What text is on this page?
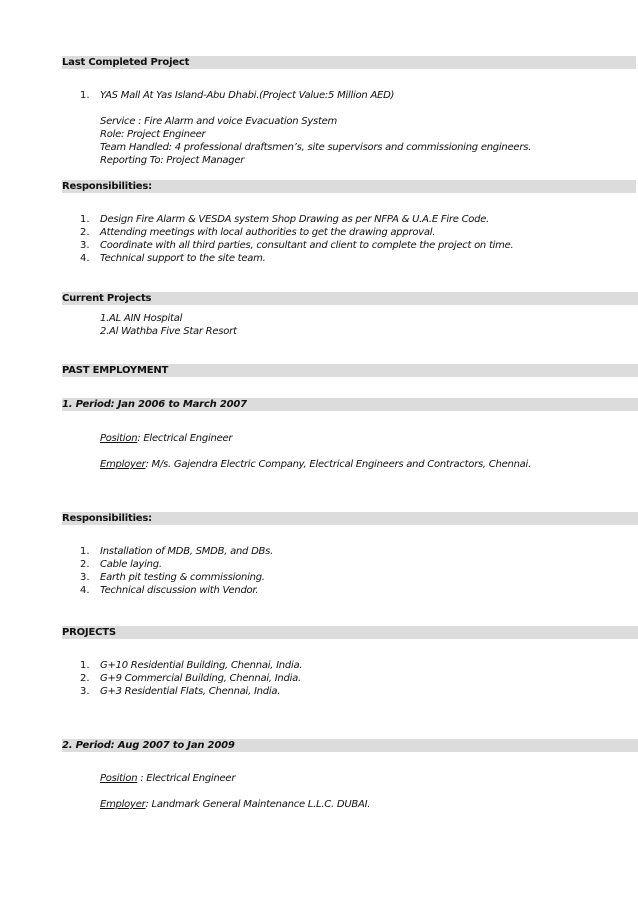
Last Completed Project
1. YAS Mall At Yas Island-Abu Dhabi.(Project Value:5 Million AED)
Service : Fire Alarm and voice Evacuation System
Role: Project Engineer
Team Handled: 4 professional draftsmen’s, site supervisors and commissioning engineers.
Reporting To: Project Manager
Responsibilities:
1. Design Fire Alarm & VESDA system Shop Drawing as per NFPA & U.A.E Fire Code.
2. Attending meetings with local authorities to get the drawing approval.
3. Coordinate with all third parties, consultant and client to complete the project on time.
4. Technical support to the site team.
Current Projects
1.AL AIN Hospital
2.Al Wathba Five Star Resort
PAST EMPLOYMENT
1. Period: Jan 2006 to March 2007
Position: Electrical Engineer
Employer: M/s. Gajendra Electric Company, Electrical Engineers and Contractors, Chennai.
Responsibilities:
1. Installation of MDB, SMDB, and DBs.
2. Cable laying.
3. Earth pit testing & commissioning.
4. Technical discussion with Vendor.
PROJECTS
1. G+10 Residential Building, Chennai, India.
2. G+9 Commercial Building, Chennai, India.
3. G+3 Residential Flats, Chennai, India.
2. Period: Aug 2007 to Jan 2009
Position : Electrical Engineer
Employer: Landmark General Maintenance L.L.C. DUBAI.
